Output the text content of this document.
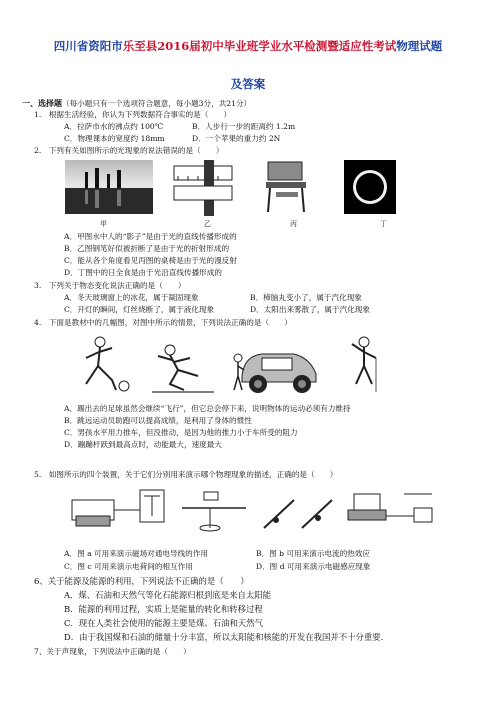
四川省资阳市乐至县2016届初中毕业班学业水平检测暨适应性考试物理试题
及答案
一、选择题（每小题只有一个选项符合题意，每小题3分，共21分）
1.　根据生活经验，你认为下列数据符合事实的是（　　）
A．拉萨市水的沸点约 100℃	B．人步行一步的距离约 1.2m
C．物理课本的宽度约 18mm	D．一个苹果的重力约 2N
2.　下列有关如图所示的光现象的说法错误的是（　　）
甲	乙	丙	丁
A．甲图水中人的“影子”是由于光的直线传播形成的
B．乙图钢笔好似被折断了是由于光的折射形成的
C．能从各个角度看见丙图的桌椅是由于光的漫反射
D．丁图中的日全食是由于光沿直线传播形成的
3.　下列关于物态变化说法正确的是（　　）
A．冬天玻璃窗上的冰花，属于凝固现象	B．樟脑丸变小了，属于汽化现象
C．开灯的瞬间，灯丝烧断了，属于液化现象	D．太阳出来雾散了，属于汽化现象
4.　下面是教材中的几幅图，对图中所示的情景，下列说法正确的是（　　）
A．踢出去的足球虽然会继续“飞行”，但它总会停下来，说明物体的运动必须有力维持
B．跳远运动员助跑可以提高成绩，是利用了身体的惯性
C．男孩水平用力推车，但没推动，是因为他的推力小于车所受的阻力
D．蹦蹦杆跃到最高点时，动能最大，速度最大
5.　如图所示的四个装置，关于它们分别用来演示哪个物理现象的描述，正确的是（　　）
A．图 a 可用来演示磁场对通电导线的作用	B．图 b 可用来演示电流的热效应
C．图 c 可用来演示电荷间的相互作用	D．图 d 可用来演示电磁感应现象
6、关于能源及能源的利用，下列说法不正确的是（　　）
A．煤、石油和天然气等化石能源归根到底是来自太阳能
B．能源的利用过程，实质上是能量的转化和转移过程
C．现在人类社会使用的能源主要是煤、石油和天然气
D．由于我国煤和石油的储量十分丰富，所以太阳能和核能的开发在我国并不十分重要.
7、关于声现象，下列说法中正确的是（　　）
